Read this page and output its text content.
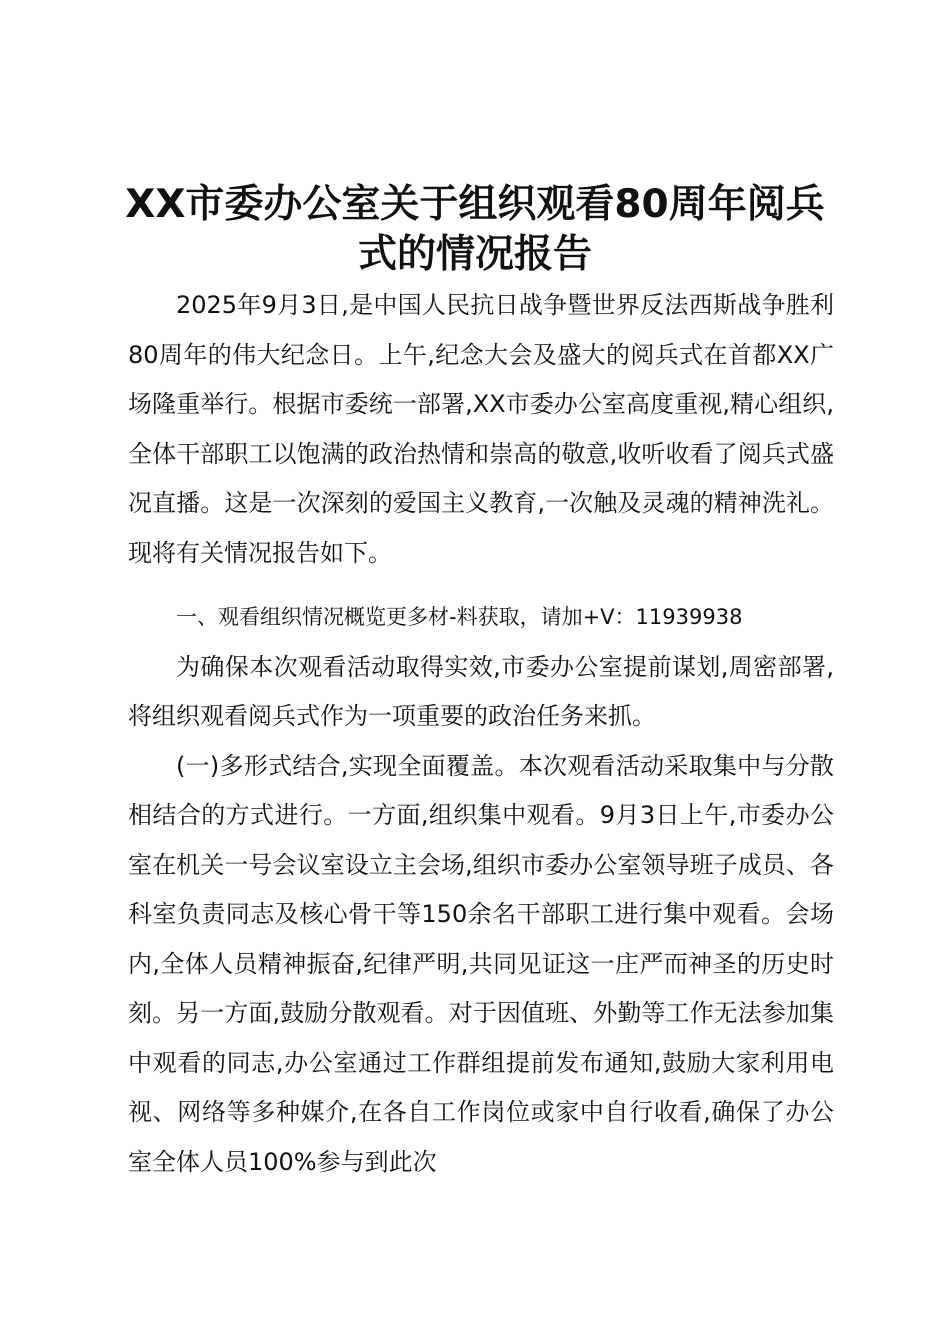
XX市委办公室关于组织观看80周年阅兵式的情况报告

2025年9月3日,是中国人民抗日战争暨世界反法西斯战争胜利80周年的伟大纪念日。上午,纪念大会及盛大的阅兵式在首都XX广场隆重举行。根据市委统一部署,XX市委办公室高度重视,精心组织,全体干部职工以饱满的政治热情和崇高的敬意,收听收看了阅兵式盛况直播。这是一次深刻的爱国主义教育,一次触及灵魂的精神洗礼。现将有关情况报告如下。

一、观看组织情况概览更多材-料获取，请加+V：11939938

为确保本次观看活动取得实效,市委办公室提前谋划,周密部署,将组织观看阅兵式作为一项重要的政治任务来抓。

(一)多形式结合,实现全面覆盖。本次观看活动采取集中与分散相结合的方式进行。一方面,组织集中观看。9月3日上午,市委办公室在机关一号会议室设立主会场,组织市委办公室领导班子成员、各科室负责同志及核心骨干等150余名干部职工进行集中观看。会场内,全体人员精神振奋,纪律严明,共同见证这一庄严而神圣的历史时刻。另一方面,鼓励分散观看。对于因值班、外勤等工作无法参加集中观看的同志,办公室通过工作群组提前发布通知,鼓励大家利用电视、网络等多种媒介,在各自工作岗位或家中自行收看,确保了办公室全体人员100%参与到此次
